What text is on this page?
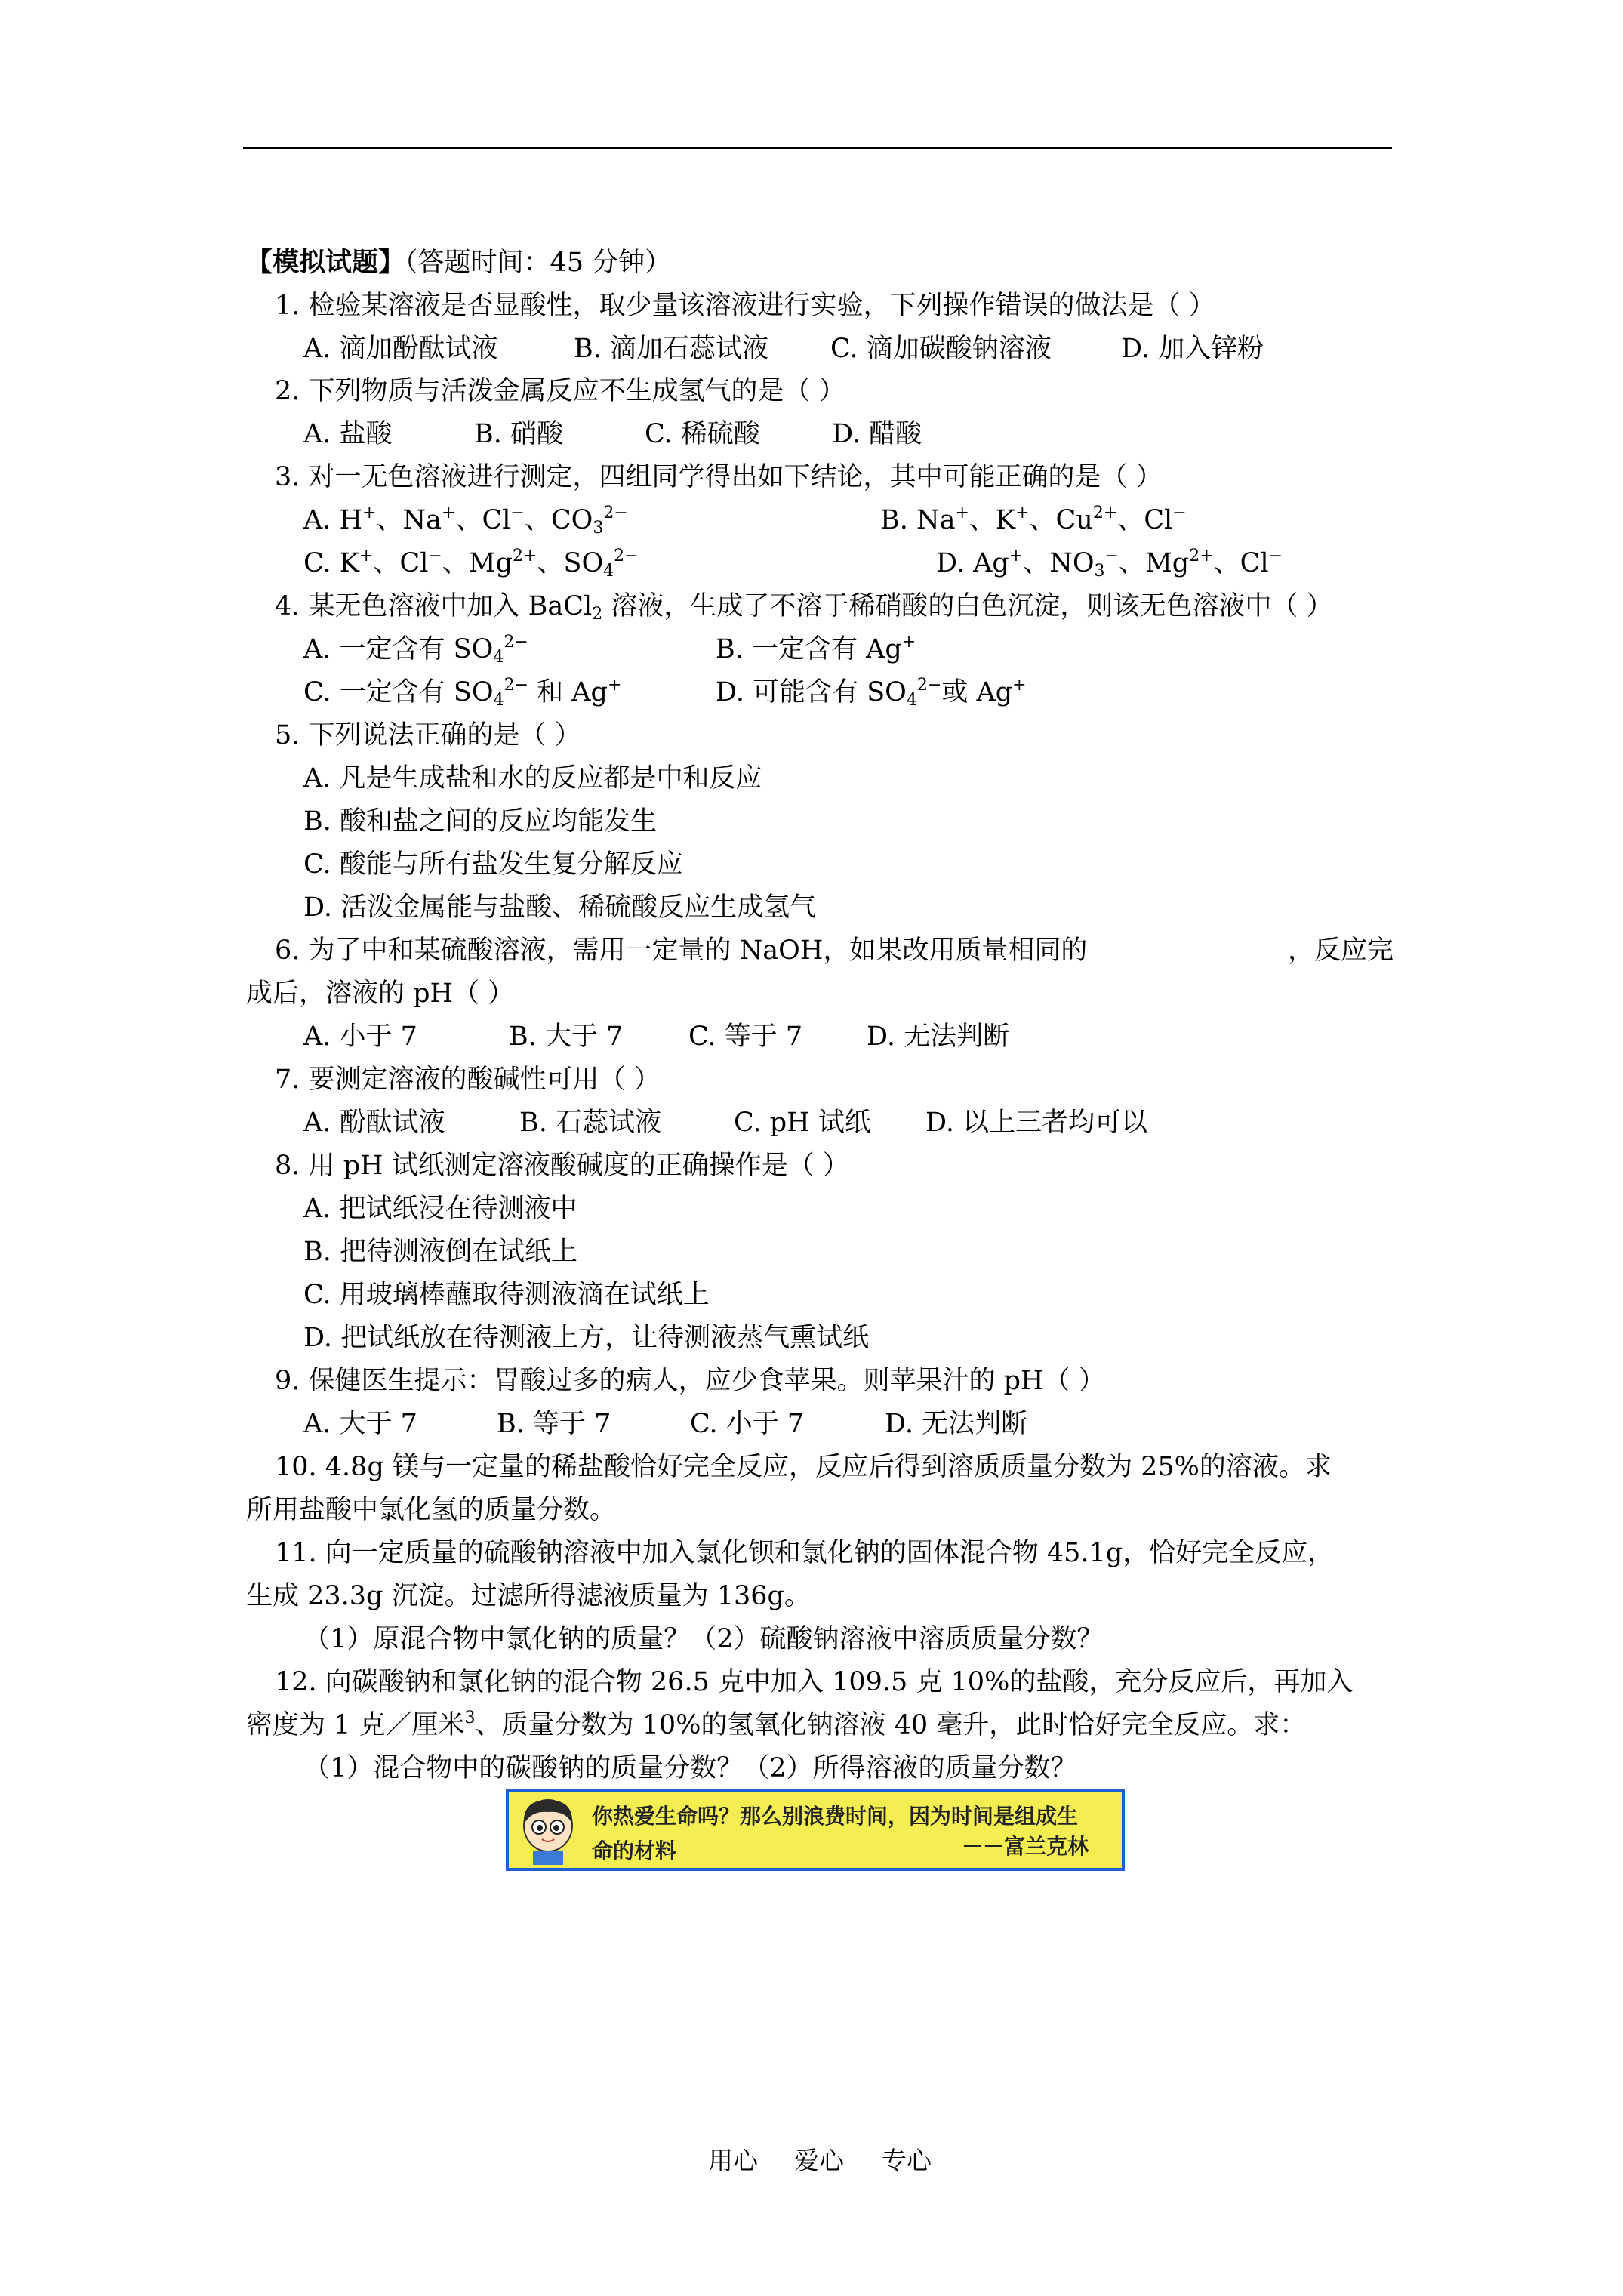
【模拟试题】（答题时间：45 分钟）
1. 检验某溶液是否显酸性，取少量该溶液进行实验，下列操作错误的做法是（ ）
A. 滴加酚酞试液	B. 滴加石蕊试液 C. 滴加碳酸钠溶液	D. 加入锌粉
2. 下列物质与活泼金属反应不生成氢气的是（ ）
A. 盐酸	B. 硝酸	C. 稀硫酸	D. 醋酸
3. 对一无色溶液进行测定，四组同学得出如下结论，其中可能正确的是（ ）
A. H+、Na+、Cl−、$CO_3^{2-}$	B. Na+、K+、$Cu^{2+}$、Cl−
C. K+、Cl−、$Mg^{2+}$、$SO_4^{2-}$	D. Ag+、$NO_3^-$、$Mg^{2+}$、Cl−
4. 某无色溶液中加入 BaCl$_2$ 溶液，生成了不溶于稀硝酸的白色沉淀，则该无色溶液中（ ）
A. 一定含有 $SO_4^{2-}$	B. 一定含有 Ag+
C. 一定含有 $SO_4^{2-}$ 和 Ag+	D. 可能含有 $SO_4^{2-}$或 Ag+
5. 下列说法正确的是（ ）
A. 凡是生成盐和水的反应都是中和反应
B. 酸和盐之间的反应均能发生
C. 酸能与所有盐发生复分解反应
D. 活泼金属能与盐酸、稀硫酸反应生成氢气
6. 为了中和某硫酸溶液，需用一定量的 NaOH，如果改用质量相同的	，反应完
成后，溶液的 pH（ ）
A. 小于 7	B. 大于 7 C. 等于 7 D. 无法判断
7. 要测定溶液的酸碱性可用（ ）
A. 酚酞试液	B. 石蕊试液	C. pH 试纸 D. 以上三者均可以
8. 用 pH 试纸测定溶液酸碱度的正确操作是（ ）
A. 把试纸浸在待测液中
B. 把待测液倒在试纸上
C. 用玻璃棒蘸取待测液滴在试纸上
D. 把试纸放在待测液上方，让待测液蒸气熏试纸
9. 保健医生提示：胃酸过多的病人，应少食苹果。则苹果汁的 pH（ ）
A. 大于 7	B. 等于 7	C. 小于 7	D. 无法判断
10. 4.8g 镁与一定量的稀盐酸恰好完全反应，反应后得到溶质质量分数为 25%的溶液。求
所用盐酸中氯化氢的质量分数。
11. 向一定质量的硫酸钠溶液中加入氯化钡和氯化钠的固体混合物 45.1g，恰好完全反应，
生成 23.3g 沉淀。过滤所得滤液质量为 136g。
（1）原混合物中氯化钠的质量？（2）硫酸钠溶液中溶质质量分数？
12. 向碳酸钠和氯化钠的混合物 26.5 克中加入 109.5 克 10%的盐酸，充分反应后，再加入
密度为 1 克／厘米$^3$、质量分数为 10%的氢氧化钠溶液 40 毫升，此时恰好完全反应。求：
（1）混合物中的碳酸钠的质量分数？（2）所得溶液的质量分数？
你热爱生命吗？那么别浪费时间，因为时间是组成生
命的材料	－－富兰克林
用心 爱心 专心
